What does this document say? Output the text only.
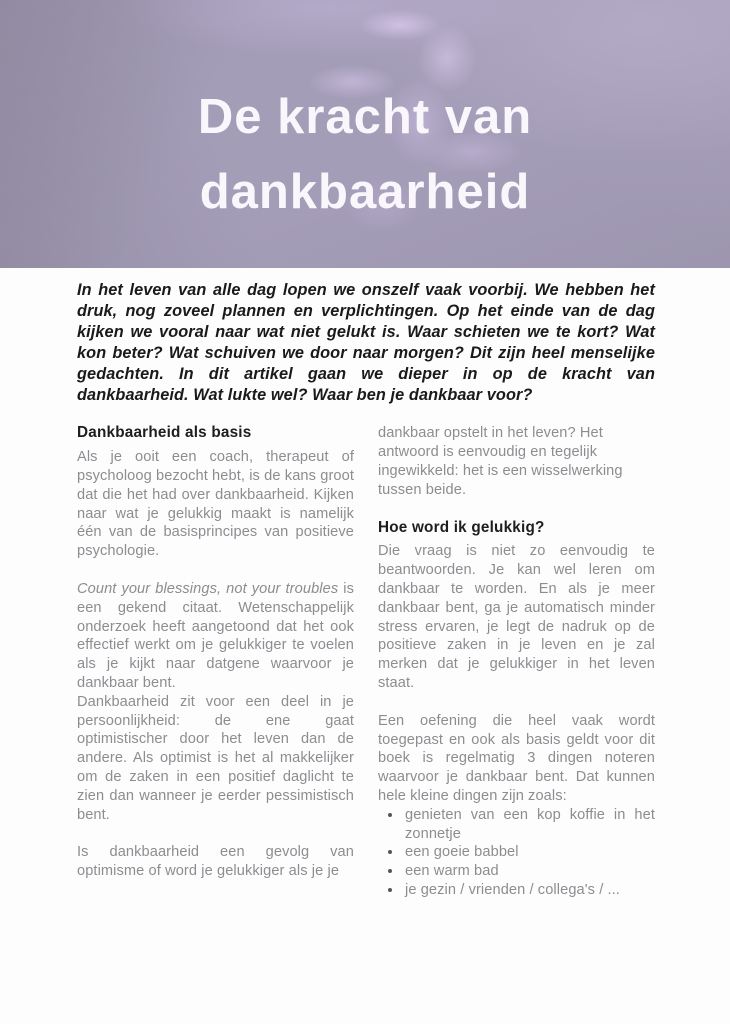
De kracht van
dankbaarheid

In het leven van alle dag lopen we onszelf vaak voorbij. We hebben het druk, nog zoveel plannen en verplichtingen. Op het einde van de dag kijken we vooral naar wat niet gelukt is. Waar schieten we te kort? Wat kon beter? Wat schuiven we door naar morgen? Dit zijn heel menselijke gedachten. In dit artikel gaan we dieper in op de kracht van dankbaarheid. Wat lukte wel? Waar ben je dankbaar voor?

Dankbaarheid als basis

Als je ooit een coach, therapeut of psycholoog bezocht hebt, is de kans groot dat die het had over dankbaarheid. Kijken naar wat je gelukkig maakt is namelijk één van de basisprincipes van positieve psychologie.

Count your blessings, not your troubles is een gekend citaat. Wetenschappelijk onderzoek heeft aangetoond dat het ook effectief werkt om je gelukkiger te voelen als je kijkt naar datgene waarvoor je dankbaar bent.

Dankbaarheid zit voor een deel in je persoonlijkheid: de ene gaat optimistischer door het leven dan de andere. Als optimist is het al makkelijker om de zaken in een positief daglicht te zien dan wanneer je eerder pessimistisch bent.

Is dankbaarheid een gevolg van optimisme of word je gelukkiger als je je

dankbaar opstelt in het leven? Het antwoord is eenvoudig en tegelijk ingewikkeld: het is een wisselwerking tussen beide.

Hoe word ik gelukkig?

Die vraag is niet zo eenvoudig te beantwoorden. Je kan wel leren om dankbaar te worden. En als je meer dankbaar bent, ga je automatisch minder stress ervaren, je legt de nadruk op de positieve zaken in je leven en je zal merken dat je gelukkiger in het leven staat.

Een oefening die heel vaak wordt toegepast en ook als basis geldt voor dit boek is regelmatig 3 dingen noteren waarvoor je dankbaar bent. Dat kunnen hele kleine dingen zijn zoals:

• genieten van een kop koffie in het zonnetje
• een goeie babbel
• een warm bad
• je gezin / vrienden / collega's / ...
